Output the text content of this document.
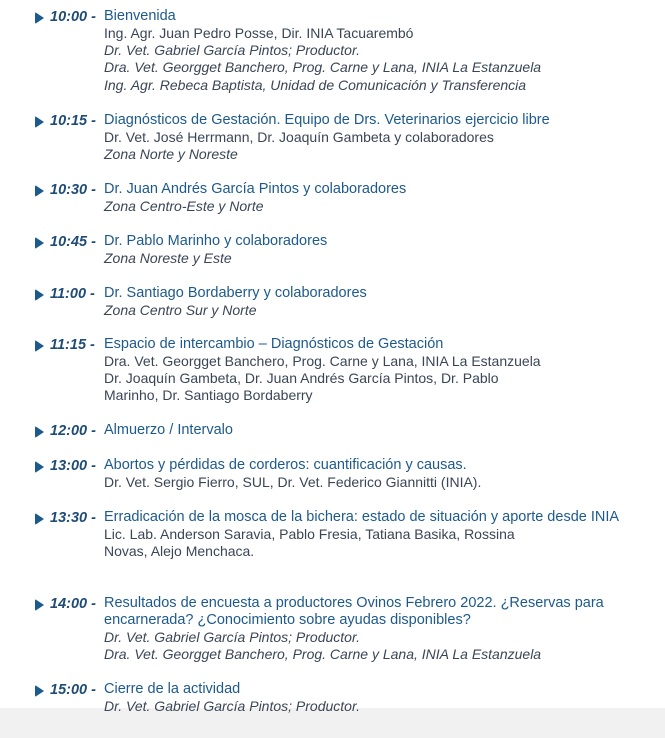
10:00 - Bienvenida
Ing. Agr. Juan Pedro Posse, Dir. INIA Tacuarembó
Dr. Vet. Gabriel García Pintos; Productor.
Dra. Vet. Georgget Banchero, Prog. Carne y Lana, INIA La Estanzuela
Ing. Agr. Rebeca Baptista, Unidad de Comunicación y Transferencia
10:15 - Diagnósticos de Gestación. Equipo de Drs. Veterinarios ejercicio libre
Dr. Vet. José Herrmann, Dr. Joaquín Gambeta y colaboradores
Zona Norte y Noreste
10:30 - Dr. Juan Andrés García Pintos y colaboradores
Zona Centro-Este y Norte
10:45 - Dr. Pablo Marinho y colaboradores
Zona Noreste y Este
11:00 - Dr. Santiago Bordaberry y colaboradores
Zona Centro Sur y Norte
11:15 - Espacio de intercambio – Diagnósticos de Gestación
Dra. Vet. Georgget Banchero, Prog. Carne y Lana, INIA La Estanzuela
Dr. Joaquín Gambeta, Dr. Juan Andrés García Pintos, Dr. Pablo
Marinho, Dr. Santiago Bordaberry
12:00 - Almuerzo / Intervalo
13:00 - Abortos y pérdidas de corderos: cuantificación y causas.
Dr. Vet. Sergio Fierro, SUL, Dr. Vet. Federico Giannitti (INIA).
13:30 - Erradicación de la mosca de la bichera: estado de situación y aporte desde INIA
Lic. Lab. Anderson Saravia, Pablo Fresia, Tatiana Basika, Rossina
Novas, Alejo Menchaca.
14:00 - Resultados de encuesta a productores Ovinos Febrero 2022. ¿Reservas para encarnerada? ¿Conocimiento sobre ayudas disponibles?
Dr. Vet. Gabriel García Pintos; Productor.
Dra. Vet. Georgget Banchero, Prog. Carne y Lana, INIA La Estanzuela
15:00 - Cierre de la actividad
Dr. Vet. Gabriel García Pintos; Productor.
